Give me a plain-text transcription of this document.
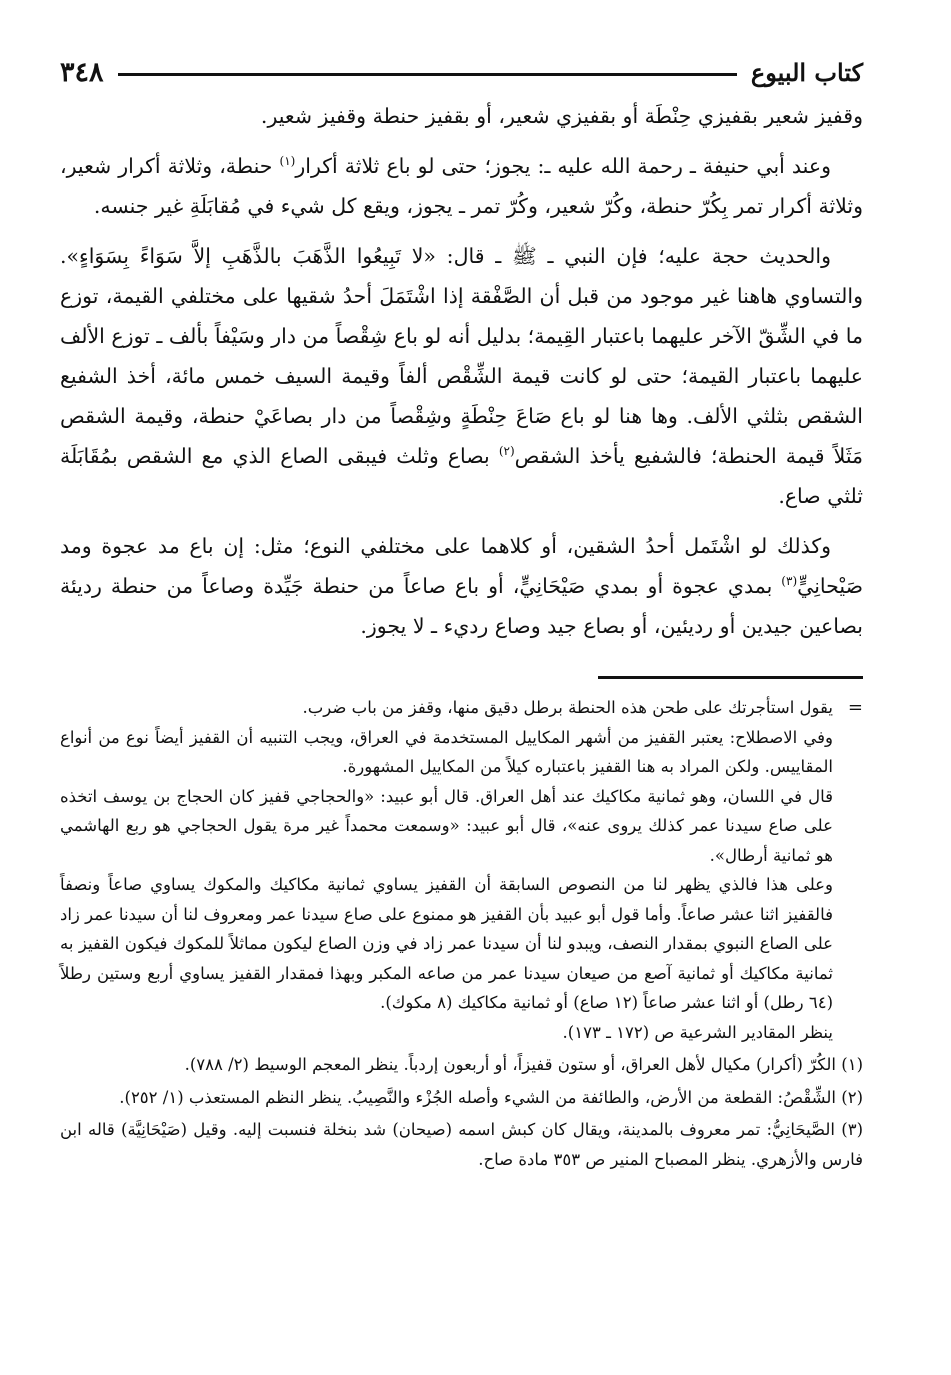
كتاب البيوع
٣٤٨

وقفيز شعير بقفيزي حِنْطَة أو بقفيزي شعير، أو بقفيز حنطة وقفيز شعير.

وعند أبي حنيفة ـ رحمة الله عليه ـ: يجوز؛ حتى لو باع ثلاثة أكرار$^{(١)}$ حنطة، وثلاثة أكرار شعير، وثلاثة أكرار تمر بِكُرّ حنطة، وكُرّ شعير، وكُرّ تمر ـ يجوز، ويقع كل شيء في مُقابَلَةِ غير جنسه.

والحديث حجة عليه؛ فإن النبي ـ ﷺ ـ قال: «لا تَبِيعُوا الذَّهَبَ بالذَّهَبِ إلاَّ سَوَاءً بِسَوَاءٍ». والتساوي هاهنا غير موجود من قبل أن الصَّفْقة إذا اشْتَمَلَ أحدُ شقيها على مختلفي القيمة، توزع ما في الشِّقّ الآخر عليهما باعتبار القِيمة؛ بدليل أنه لو باع شِقْصاً من دار وسَيْفاً بألف ـ توزع الألف عليهما باعتبار القيمة؛ حتى لو كانت قيمة الشِّقْص ألفاً وقيمة السيف خمس مائة، أخذ الشفيع الشقص بثلثي الألف. وها هنا لو باع صَاعَ حِنْطَةٍ وشِقْصاً من دار بصاعَيْ حنطة، وقيمة الشقص مَثَلاً قيمة الحنطة؛ فالشفيع يأخذ الشقص$^{(٢)}$ بصاع وثلث فيبقى الصاع الذي مع الشقص بمُقَابَلَة ثلثي صاع.

وكذلك لو اشْتَمل أحدُ الشقين، أو كلاهما على مختلفي النوع؛ مثل: إن باع مد عجوة ومد صَيْحانِيٍّ$^{(٣)}$ بمدي عجوة أو بمدي صَيْحَانِيٍّ، أو باع صاعاً من حنطة جَيِّدة وصاعاً من حنطة رديئة بصاعين جيدين أو رديئين، أو بصاع جيد وصاع رديء ـ لا يجوز.

=
يقول استأجرتك على طحن هذه الحنطة برطل دقيق منها، وقفز من باب ضرب.

وفي الاصطلاح: يعتبر القفيز من أشهر المكاييل المستخدمة في العراق، ويجب التنبيه أن القفيز أيضاً نوع من أنواع المقاييس. ولكن المراد به هنا القفيز باعتباره كيلاً من المكاييل المشهورة.

قال في اللسان، وهو ثمانية مكاكيك عند أهل العراق. قال أبو عبيد: «والحجاجي قفيز كان الحجاج بن يوسف اتخذه على صاع سيدنا عمر كذلك يروى عنه»، قال أبو عبيد: «وسمعت محمداً غير مرة يقول الحجاجي هو ربع الهاشمي هو ثمانية أرطال».

وعلى هذا فالذي يظهر لنا من النصوص السابقة أن القفيز يساوي ثمانية مكاكيك والمكوك يساوي صاعاً ونصفاً فالقفيز اثنا عشر صاعاً. وأما قول أبو عبيد بأن القفيز هو ممنوع على صاع سيدنا عمر ومعروف لنا أن سيدنا عمر زاد على الصاع النبوي بمقدار النصف، ويبدو لنا أن سيدنا عمر زاد في وزن الصاع ليكون مماثلاً للمكوك فيكون القفيز به ثمانية مكاكيك أو ثمانية آصع من صيعان سيدنا عمر من صاعه المكبر وبهذا فمقدار القفيز يساوي أربع وستين رطلاً (٦٤ رطل) أو اثنا عشر صاعاً (١٢ صاع) أو ثمانية مكاكيك (٨ مكوك).

ينظر المقادير الشرعية ص (١٧٢ ـ ١٧٣).

(١) الكُرّ (أكرار) مكيال لأهل العراق، أو ستون قفيزاً، أو أربعون إردباً. ينظر المعجم الوسيط (٢/ ٧٨٨).

(٢) الشِّقْصُ: القطعة من الأرض، والطائفة من الشيء وأصله الجُزْء والنَّصِيبُ. ينظر النظم المستعذب (١/ ٢٥٢).

(٣) الصَّيحَانِيُّ: تمر معروف بالمدينة، ويقال كان كبش اسمه (صيحان) شد بنخلة فنسبت إليه. وقيل (صَيْحَانِيَّة) قاله ابن فارس والأزهري. ينظر المصباح المنير ص ٣٥٣ مادة صاح.
